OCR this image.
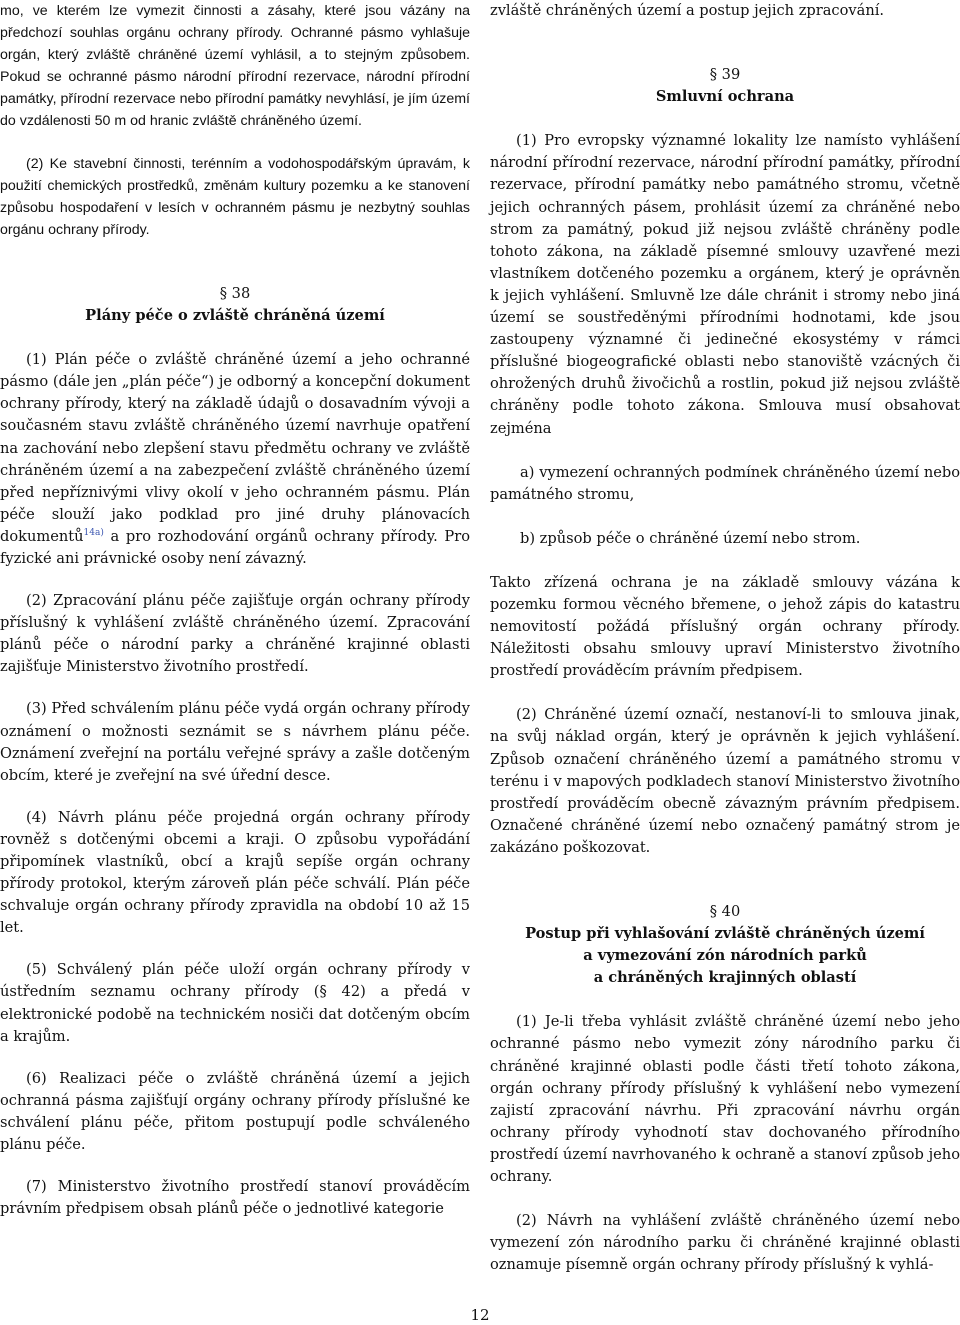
mo, ve kterém lze vymezit činnosti a zásahy, které jsou vázány na předchozí souhlas orgánu ochrany přírody. Ochranné pásmo vyhlašuje orgán, který zvláště chráněné území vyhlásil, a to stejným způsobem. Pokud se ochranné pásmo národní přírodní rezervace, národní přírodní památky, přírodní rezervace nebo přírodní památky nevyhlásí, je jím území do vzdálenosti 50 m od hranic zvláště chráněného území.

(2) Ke stavební činnosti, terénním a vodohospodářským úpravám, k použití chemických prostředků, změnám kultury pozemku a ke stanovení způsobu hospodaření v lesích v ochranném pásmu je nezbytný souhlas orgánu ochrany přírody.

§ 38

Plány péče o zvláště chráněná území

(1) Plán péče o zvláště chráněné území a jeho ochranné pásmo (dále jen „plán péče“) je odborný a koncepční dokument ochrany přírody, který na základě údajů o dosavadním vývoji a současném stavu zvláště chráněného území navrhuje opatření na zachování nebo zlepšení stavu předmětu ochrany ve zvláště chráněném území a na zabezpečení zvláště chráněného území před nepříznivými vlivy okolí v jeho ochranném pásmu. Plán péče slouží jako podklad pro jiné druhy plánovacích dokumentů$^{14a)}$ a pro rozhodování orgánů ochrany přírody. Pro fyzické ani právnické osoby není závazný.

(2) Zpracování plánu péče zajišťuje orgán ochrany přírody příslušný k vyhlášení zvláště chráněného území. Zpracování plánů péče o národní parky a chráněné krajinné oblasti zajišťuje Ministerstvo životního prostředí.

(3) Před schválením plánu péče vydá orgán ochrany přírody oznámení o možnosti seznámit se s návrhem plánu péče. Oznámení zveřejní na portálu veřejné správy a zašle dotčeným obcím, které je zveřejní na své úřední desce.

(4) Návrh plánu péče projedná orgán ochrany přírody rovněž s dotčenými obcemi a kraji. O způsobu vypořádání připomínek vlastníků, obcí a krajů sepíše orgán ochrany přírody protokol, kterým zároveň plán péče schválí. Plán péče schvaluje orgán ochrany přírody zpravidla na období 10 až 15 let.

(5) Schválený plán péče uloží orgán ochrany přírody v ústředním seznamu ochrany přírody (§ 42) a předá v elektronické podobě na technickém nosiči dat dotčeným obcím a krajům.

(6) Realizaci péče o zvláště chráněná území a jejich ochranná pásma zajišťují orgány ochrany přírody příslušné ke schválení plánu péče, přitom postupují podle schváleného plánu péče.

(7) Ministerstvo životního prostředí stanoví prováděcím právním předpisem obsah plánů péče o jednotlivé kategorie

zvláště chráněných území a postup jejich zpracování.

§ 39

Smluvní ochrana

(1) Pro evropsky významné lokality lze namísto vyhlášení národní přírodní rezervace, národní přírodní památky, přírodní rezervace, přírodní památky nebo památného stromu, včetně jejich ochranných pásem, prohlásit území za chráněné nebo strom za památný, pokud již nejsou zvláště chráněny podle tohoto zákona, na základě písemné smlouvy uzavřené mezi vlastníkem dotčeného pozemku a orgánem, který je oprávněn k jejich vyhlášení. Smluvně lze dále chránit i stromy nebo jiná území se soustředěnými přírodními hodnotami, kde jsou zastoupeny významné či jedinečné ekosystémy v rámci příslušné biogeografické oblasti nebo stanoviště vzácných či ohrožených druhů živočichů a rostlin, pokud již nejsou zvláště chráněny podle tohoto zákona. Smlouva musí obsahovat zejména

a) vymezení ochranných podmínek chráněného území nebo památného stromu,

b) způsob péče o chráněné území nebo strom.

Takto zřízená ochrana je na základě smlouvy vázána k pozemku formou věcného břemene, o jehož zápis do katastru nemovitostí požádá příslušný orgán ochrany přírody. Náležitosti obsahu smlouvy upraví Ministerstvo životního prostředí prováděcím právním předpisem.

(2) Chráněné území označí, nestanoví-li to smlouva jinak, na svůj náklad orgán, který je oprávněn k jejich vyhlášení. Způsob označení chráněného území a památného stromu v terénu i v mapových podkladech stanoví Ministerstvo životního prostředí prováděcím obecně závazným právním předpisem. Označené chráněné území nebo označený památný strom je zakázáno poškozovat.

§ 40

Postup při vyhlašování zvláště chráněných území

a vymezování zón národních parků

a chráněných krajinných oblastí

(1) Je-li třeba vyhlásit zvláště chráněné území nebo jeho ochranné pásmo nebo vymezit zóny národního parku či chráněné krajinné oblasti podle části třetí tohoto zákona, orgán ochrany přírody příslušný k vyhlášení nebo vymezení zajistí zpracování návrhu. Při zpracování návrhu orgán ochrany přírody vyhodnotí stav dochovaného přírodního prostředí území navrhovaného k ochraně a stanoví způsob jeho ochrany.

(2) Návrh na vyhlášení zvláště chráněného území nebo vymezení zón národního parku či chráněné krajinné oblasti oznamuje písemně orgán ochrany přírody příslušný k vyhlá-

12
